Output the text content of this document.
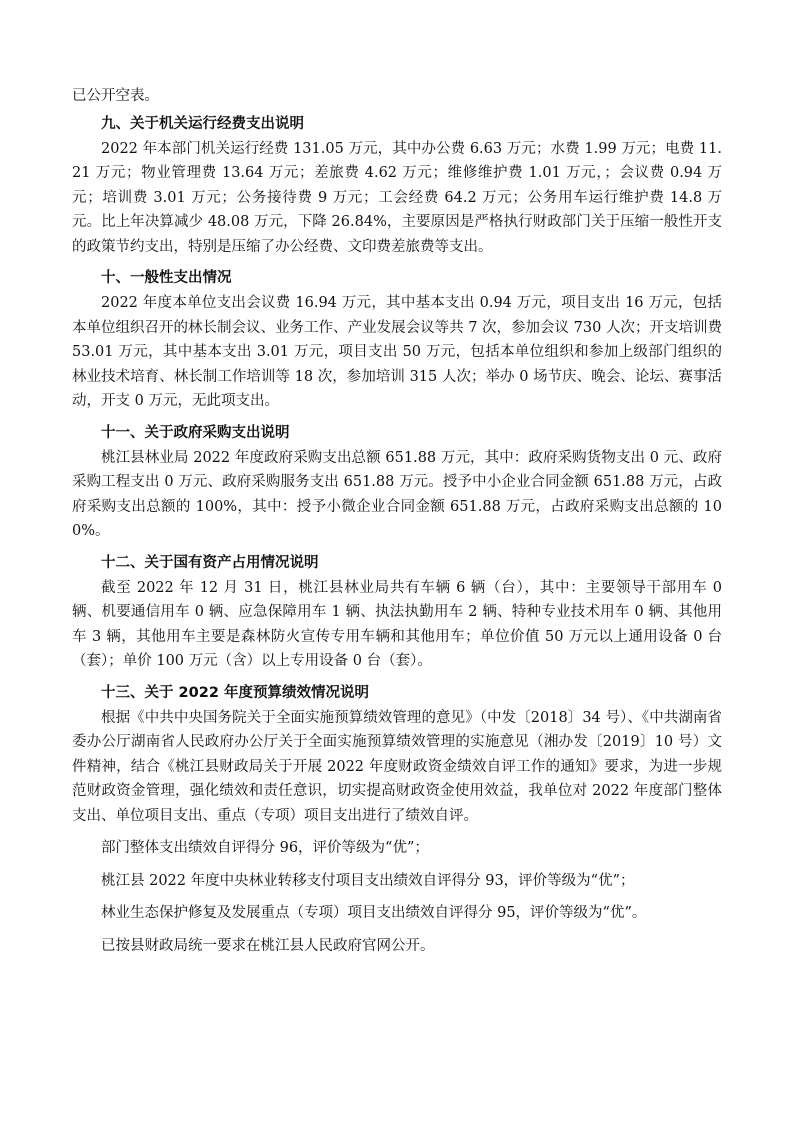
已公开空表。

九、关于机关运行经费支出说明

2022 年本部门机关运行经费 131.05 万元，其中办公费 6.63 万元；水费 1.99 万元；电费 11.21 万元；物业管理费 13.64 万元；差旅费 4.62 万元；维修维护费 1.01 万元，；会议费 0.94 万元；培训费 3.01 万元；公务接待费 9 万元；工会经费 64.2 万元；公务用车运行维护费 14.8 万元。比上年决算减少 48.08 万元，下降 26.84%，主要原因是严格执行财政部门关于压缩一般性开支的政策节约支出，特别是压缩了办公经费、文印费差旅费等支出。

十、一般性支出情况

2022 年度本单位支出会议费 16.94 万元，其中基本支出 0.94 万元，项目支出 16 万元，包括本单位组织召开的林长制会议、业务工作、产业发展会议等共 7 次，参加会议 730 人次；开支培训费 53.01 万元，其中基本支出 3.01 万元，项目支出 50 万元，包括本单位组织和参加上级部门组织的林业技术培育、林长制工作培训等 18 次，参加培训 315 人次；举办 0 场节庆、晚会、论坛、赛事活动，开支 0 万元，无此项支出。

十一、关于政府采购支出说明

桃江县林业局 2022 年度政府采购支出总额 651.88 万元，其中：政府采购货物支出 0 元、政府采购工程支出 0 万元、政府采购服务支出 651.88 万元。授予中小企业合同金额 651.88 万元，占政府采购支出总额的 100%，其中：授予小微企业合同金额 651.88 万元，占政府采购支出总额的 100%。

十二、关于国有资产占用情况说明

截至 2022 年 12 月 31 日，桃江县林业局共有车辆 6 辆（台），其中：主要领导干部用车 0 辆、机要通信用车 0 辆、应急保障用车 1 辆、执法执勤用车 2 辆、特种专业技术用车 0 辆、其他用车 3 辆，其他用车主要是森林防火宣传专用车辆和其他用车；单位价值 50 万元以上通用设备 0 台（套）；单价 100 万元（含）以上专用设备 0 台（套）。

十三、关于 2022 年度预算绩效情况说明

根据《中共中央国务院关于全面实施预算绩效管理的意见》（中发〔2018〕34 号）、《中共湖南省委办公厅湖南省人民政府办公厅关于全面实施预算绩效管理的实施意见（湘办发〔2019〕10 号）文件精神，结合《桃江县财政局关于开展 2022 年度财政资金绩效自评工作的通知》要求，为进一步规范财政资金管理，强化绩效和责任意识，切实提高财政资金使用效益，我单位对 2022 年度部门整体支出、单位项目支出、重点（专项）项目支出进行了绩效自评。

部门整体支出绩效自评得分 96，评价等级为“优”；

桃江县 2022 年度中央林业转移支付项目支出绩效自评得分 93，评价等级为“优”；

林业生态保护修复及发展重点（专项）项目支出绩效自评得分 95，评价等级为“优”。

已按县财政局统一要求在桃江县人民政府官网公开。
